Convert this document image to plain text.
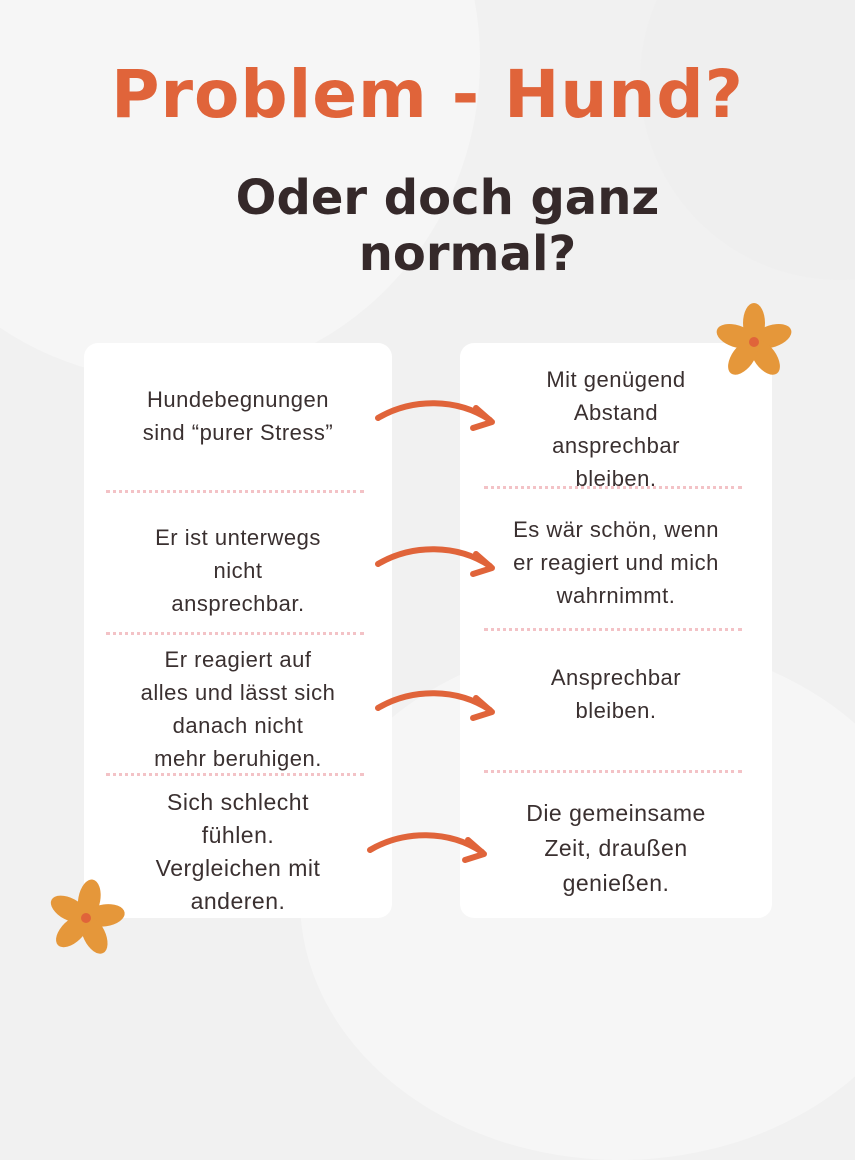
Problem - Hund?
Oder doch ganz
normal?
Hundebegnungen
sind “purer Stress”
Er ist unterwegs
nicht
ansprechbar.
Er reagiert auf
alles und lässt sich
danach nicht
mehr beruhigen.
Sich schlecht
fühlen.
Vergleichen mit
anderen.
Mit genügend
Abstand
ansprechbar
bleiben.
Es wär schön, wenn
er reagiert und mich
wahrnimmt.
Ansprechbar
bleiben.
Die gemeinsame
Zeit, draußen
genießen.
